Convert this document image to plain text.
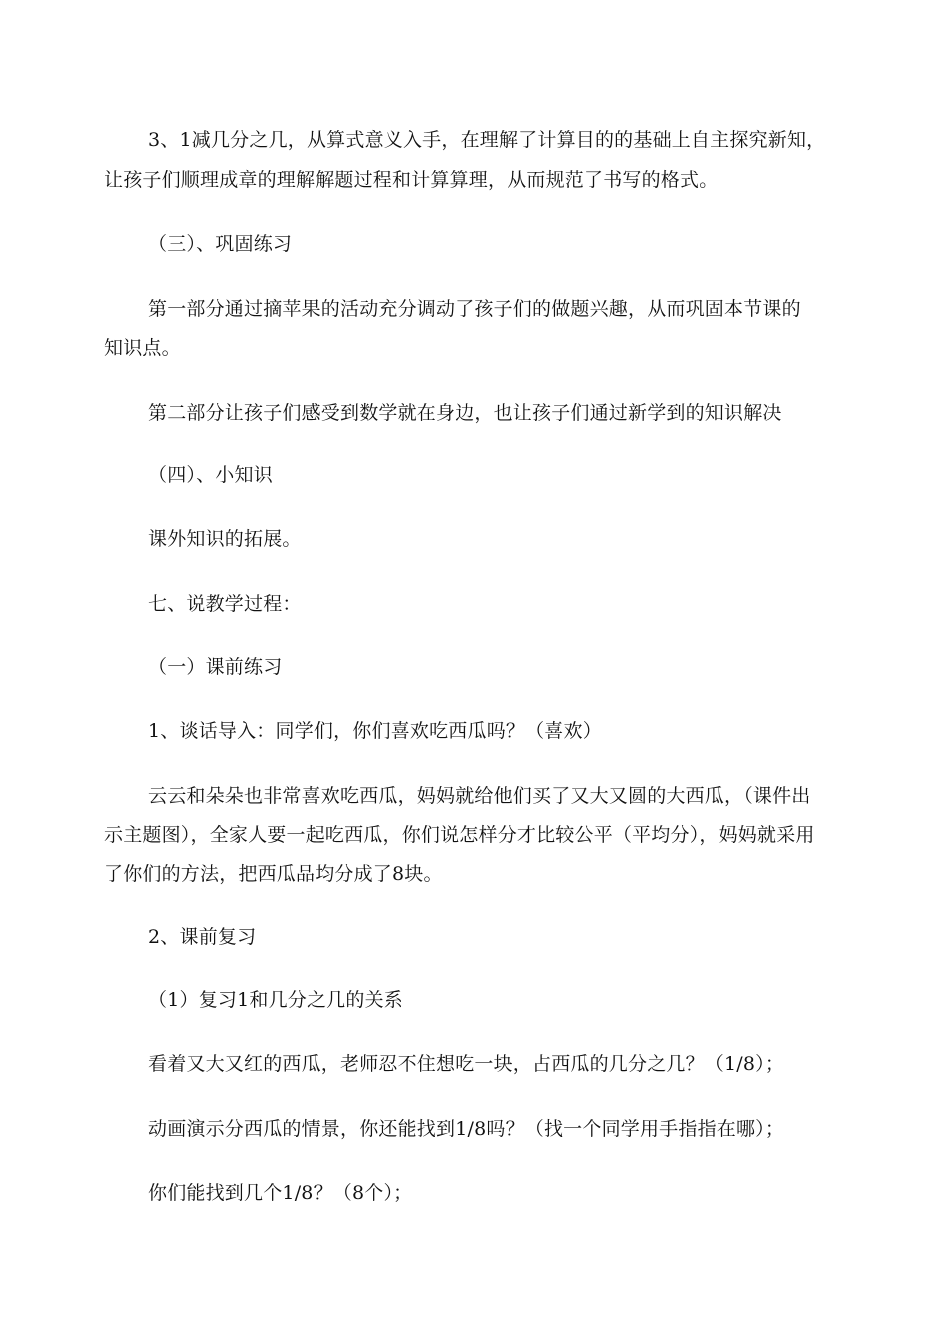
3、1减几分之几，从算式意义入手，在理解了计算目的的基础上自主探究新知，
让孩子们顺理成章的理解解题过程和计算算理，从而规范了书写的格式。
（三）、巩固练习
第一部分通过摘苹果的活动充分调动了孩子们的做题兴趣，从而巩固本节课的
知识点。
第二部分让孩子们感受到数学就在身边，也让孩子们通过新学到的知识解决
（四）、小知识
课外知识的拓展。
七、说教学过程：
（一）课前练习
1、谈话导入：同学们，你们喜欢吃西瓜吗？（喜欢）
云云和朵朵也非常喜欢吃西瓜，妈妈就给他们买了又大又圆的大西瓜，（课件出
示主题图），全家人要一起吃西瓜，你们说怎样分才比较公平（平均分），妈妈就采用
了你们的方法，把西瓜品均分成了8块。
2、课前复习
（1）复习1和几分之几的关系
看着又大又红的西瓜，老师忍不住想吃一块，占西瓜的几分之几？（1/8）；
动画演示分西瓜的情景，你还能找到1/8吗？（找一个同学用手指指在哪）；
你们能找到几个1/8？（8个）；
